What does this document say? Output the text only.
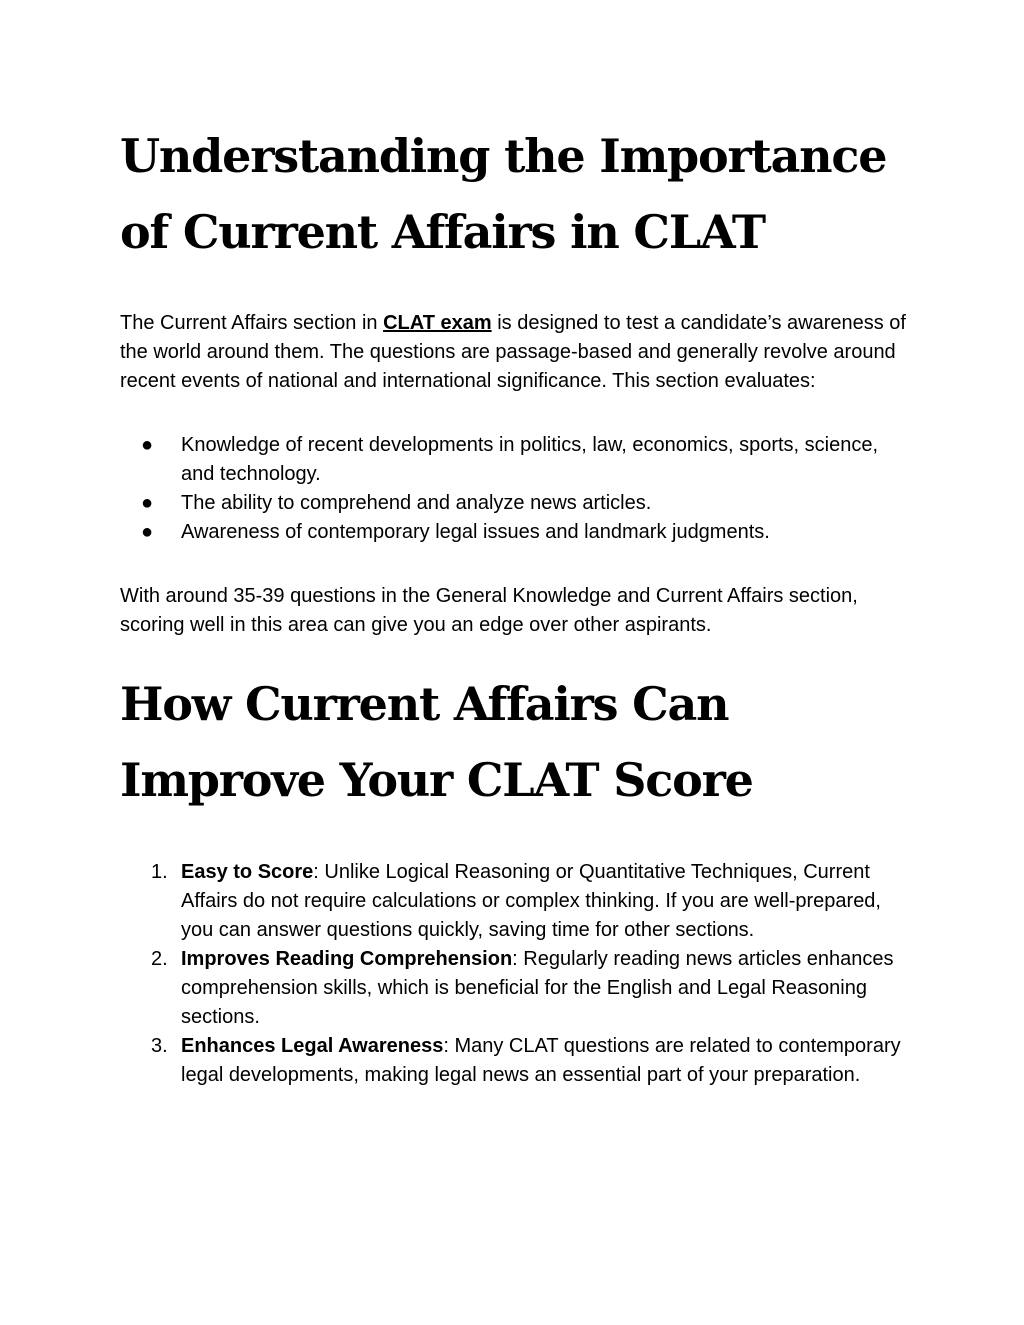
Understanding the Importance of Current Affairs in CLAT

The Current Affairs section in CLAT exam is designed to test a candidate’s awareness of the world around them. The questions are passage-based and generally revolve around recent events of national and international significance. This section evaluates:

● Knowledge of recent developments in politics, law, economics, sports, science, and technology.
● The ability to comprehend and analyze news articles.
● Awareness of contemporary legal issues and landmark judgments.

With around 35-39 questions in the General Knowledge and Current Affairs section, scoring well in this area can give you an edge over other aspirants.

How Current Affairs Can Improve Your CLAT Score
1. Easy to Score: Unlike Logical Reasoning or Quantitative Techniques, Current Affairs do not require calculations or complex thinking. If you are well-prepared, you can answer questions quickly, saving time for other sections.
2. Improves Reading Comprehension: Regularly reading news articles enhances comprehension skills, which is beneficial for the English and Legal Reasoning sections.
3. Enhances Legal Awareness: Many CLAT questions are related to contemporary legal developments, making legal news an essential part of your preparation.
